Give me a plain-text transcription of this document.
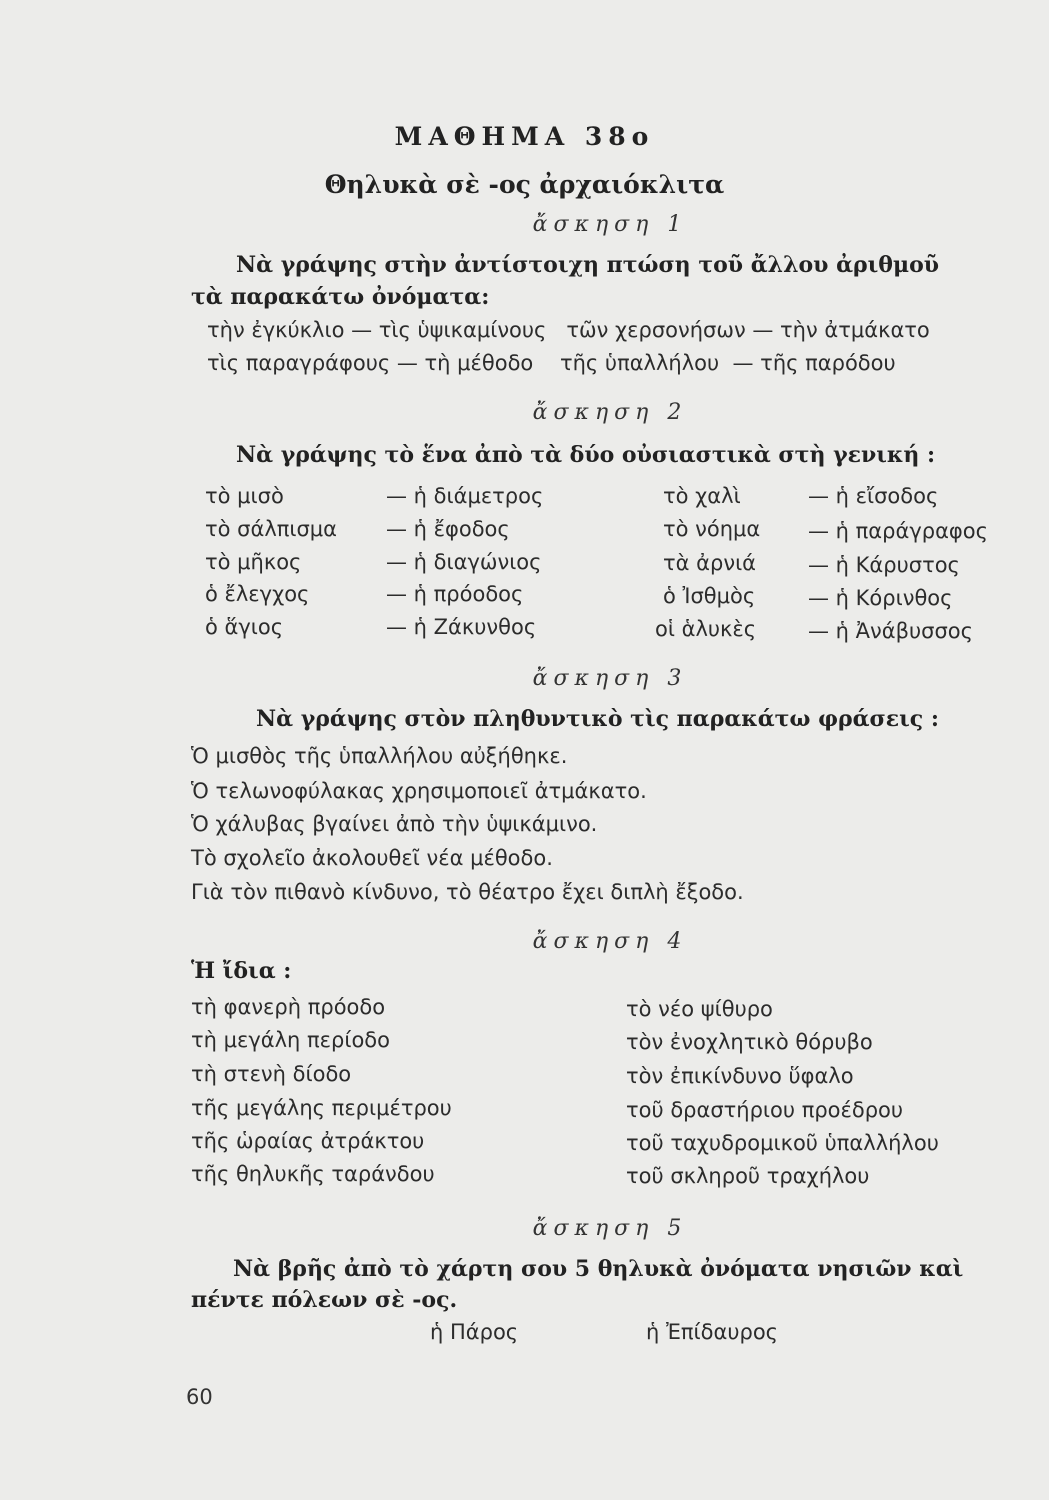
ΜΑΘΗΜΑ 38ο
Θηλυκὰ σὲ -ος ἀρχαιόκλιτα
ἄσκηση 1
Νὰ γράψης στὴν ἀντίστοιχη πτώση τοῦ ἄλλου ἀριθμοῦ
τὰ παρακάτω ὀνόματα:
τὴν ἐγκύκλιο — τὶς ὑψικαμίνους   τῶν χερσονήσων — τὴν ἀτμάκατο
τὶς παραγράφους — τὴ μέθοδο    τῆς ὑπαλλήλου  — τῆς παρόδου
ἄσκηση 2
Νὰ γράψης τὸ ἕνα ἀπὸ τὰ δύο οὐσιαστικὰ στὴ γενική :
τὸ μισὸ	— ἡ διάμετρος	τὸ χαλὶ	— ἡ εἴσοδος
τὸ σάλπισμα — ἡ ἔφοδος	τὸ νόημα — ἡ παράγραφος
τὸ μῆκος	— ἡ διαγώνιος	τὰ ἀρνιά — ἡ Κάρυστος
ὁ ἔλεγχος	— ἡ πρόοδος	ὁ Ἰσθμὸς	— ἡ Κόρινθος
ὁ ἅγιος	— ἡ Ζάκυνθος	οἱ ἁλυκὲς — ἡ Ἀνάβυσσος
ἄσκηση 3
Νὰ γράψης στὸν πληθυντικὸ τὶς παρακάτω φράσεις :
Ὁ μισθὸς τῆς ὑπαλλήλου αὐξήθηκε.
Ὁ τελωνοφύλακας χρησιμοποιεῖ ἀτμάκατο.
Ὁ χάλυβας βγαίνει ἀπὸ τὴν ὑψικάμινο.
Τὸ σχολεῖο ἀκολουθεῖ νέα μέθοδο.
Γιὰ τὸν πιθανὸ κίνδυνο, τὸ θέατρο ἔχει διπλὴ ἔξοδο.
ἄσκηση 4
Ἡ ἴδια :
τὴ φανερὴ πρόοδο
τὴ μεγάλη περίοδο
τὴ στενὴ δίοδο
τῆς μεγάλης περιμέτρου
τῆς ὡραίας ἀτράκτου
τῆς θηλυκῆς ταράνδου
τὸ νέο ψίθυρο
τὸν ἐνοχλητικὸ θόρυβο
τὸν ἐπικίνδυνο ὕφαλο
τοῦ δραστήριου προέδρου
τοῦ ταχυδρομικοῦ ὑπαλλήλου
τοῦ σκληροῦ τραχήλου
ἄσκηση 5
Νὰ βρῆς ἀπὸ τὸ χάρτη σου 5 θηλυκὰ ὀνόματα νησιῶν καὶ
πέντε πόλεων σὲ -ος.
ἡ Πάρος	ἡ Ἐπίδαυρος
60
